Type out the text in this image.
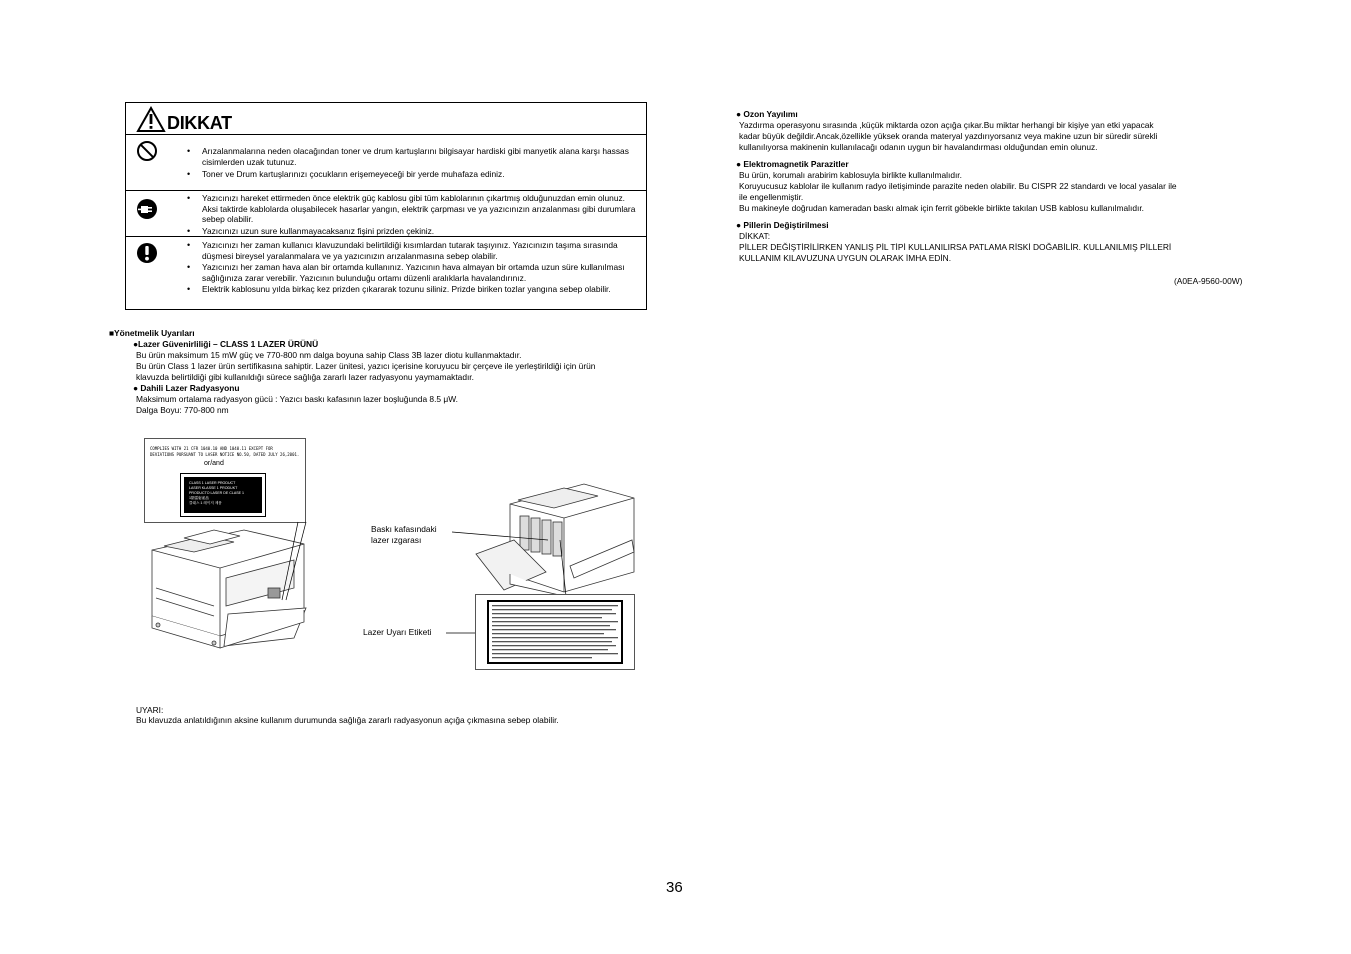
DIKKAT
• Arızalanmalarına neden olacağından toner ve drum kartuşlarını bilgisayar hardiski gibi manyetik alana karşı hassas cisimlerden uzak tutunuz.
• Toner ve Drum kartuşlarınızı çocukların erişemeyeceği bir yerde muhafaza ediniz.
• Yazıcınızı hareket ettirmeden önce elektrik güç kablosu gibi tüm kablolarının çıkartmış olduğunuzdan emin olunuz. Aksi taktirde kablolarda oluşabilecek hasarlar yangın, elektrik çarpması ve ya yazıcınızın arızalanması gibi durumlara sebep olabilir.
• Yazıcınızı uzun sure kullanmayacaksanız fişini prizden çekiniz.
• Yazıcınızı her zaman kullanıcı klavuzundaki belirtildiği kısımlardan tutarak taşıyınız. Yazıcınızın taşıma sırasında düşmesi bireysel yaralanmalara ve ya yazıcınızın arızalanmasına sebep olabilir.
• Yazıcınızı her zaman hava alan bir ortamda kullanınız. Yazıcının hava almayan bir ortamda uzun süre kullanılması sağlığınıza zarar verebilir. Yazıcının bulunduğu ortamı düzenli aralıklarla havalandırınız.
• Elektrik kablosunu yılda birkaç kez prizden çıkararak tozunu siliniz. Prizde biriken tozlar yangına sebep olabilir.
■Yönetmelik Uyarıları
●Lazer Güvenirliliği – CLASS 1 LAZER ÜRÜNÜ
Bu ürün maksimum 15 mW güç ve 770-800 nm dalga boyuna sahip Class 3B lazer diotu kullanmaktadır.
Bu ürün Class 1 lazer ürün sertifikasına sahiptir. Lazer ünitesi, yazıcı içerisine koruyucu bir çerçeve ile yerleştirildiği için ürün
klavuzda belirtildiği gibi kullanıldığı sürece sağlığa zararlı lazer radyasyonu yaymamaktadır.
● Dahili Lazer Radyasyonu
Maksimum ortalama radyasyon gücü : Yazıcı baskı kafasının lazer boşluğunda 8.5 μW.
Dalga Boyu: 770-800 nm
COMPLIES WITH 21 CFR 1040.10 AND 1040.11 EXCEPT FOR
DEVIATIONS PURSUANT TO LASER NOTICE NO.50, DATED JULY 26,2001.
or/and
CLASS 1 LASER PRODUCT
LASER KLASSE 1 PRODUKT
PRODUCTO LASER DE CLASE 1
1類雷射產品
클래스 1 레이저 제품
Baskı kafasındaki
lazer ızgarası
Lazer Uyarı Etiketi
UYARI:
Bu klavuzda anlatıldığının aksine kullanım durumunda sağlığa zararlı radyasyonun açığa çıkmasına sebep olabilir.
● Ozon Yayılımı
Yazdırma operasyonu sırasında ,küçük miktarda ozon açığa çıkar.Bu miktar herhangi bir kişiye yan etki yapacak
kadar büyük değildir.Ancak,özellikle yüksek oranda materyal yazdırıyorsanız veya makine uzun bir süredir sürekli
kullanılıyorsa makinenin kullanılacağı odanın uygun bir havalandırması olduğundan emin olunuz.
● Elektromagnetik Parazitler
Bu ürün, korumalı arabirim kablosuyla birlikte kullanılmalıdır.
Koruyucusuz kablolar ile kullanım radyo iletişiminde parazite neden olabilir. Bu CISPR 22 standardı ve local yasalar ile
ile engellenmiştir.
Bu makineyle doğrudan kameradan baskı almak için ferrit göbekle birlikte takılan USB kablosu kullanılmalıdır.
● Pillerin Değiştirilmesi
DİKKAT:
PİLLER DEĞİŞTİRİLİRKEN YANLIŞ PİL TİPİ KULLANILIRSA PATLAMA RİSKİ DOĞABİLİR. KULLANILMIŞ PİLLERİ
KULLANIM KILAVUZUNA UYGUN OLARAK İMHA EDİN.
(A0EA-9560-00W)
36
